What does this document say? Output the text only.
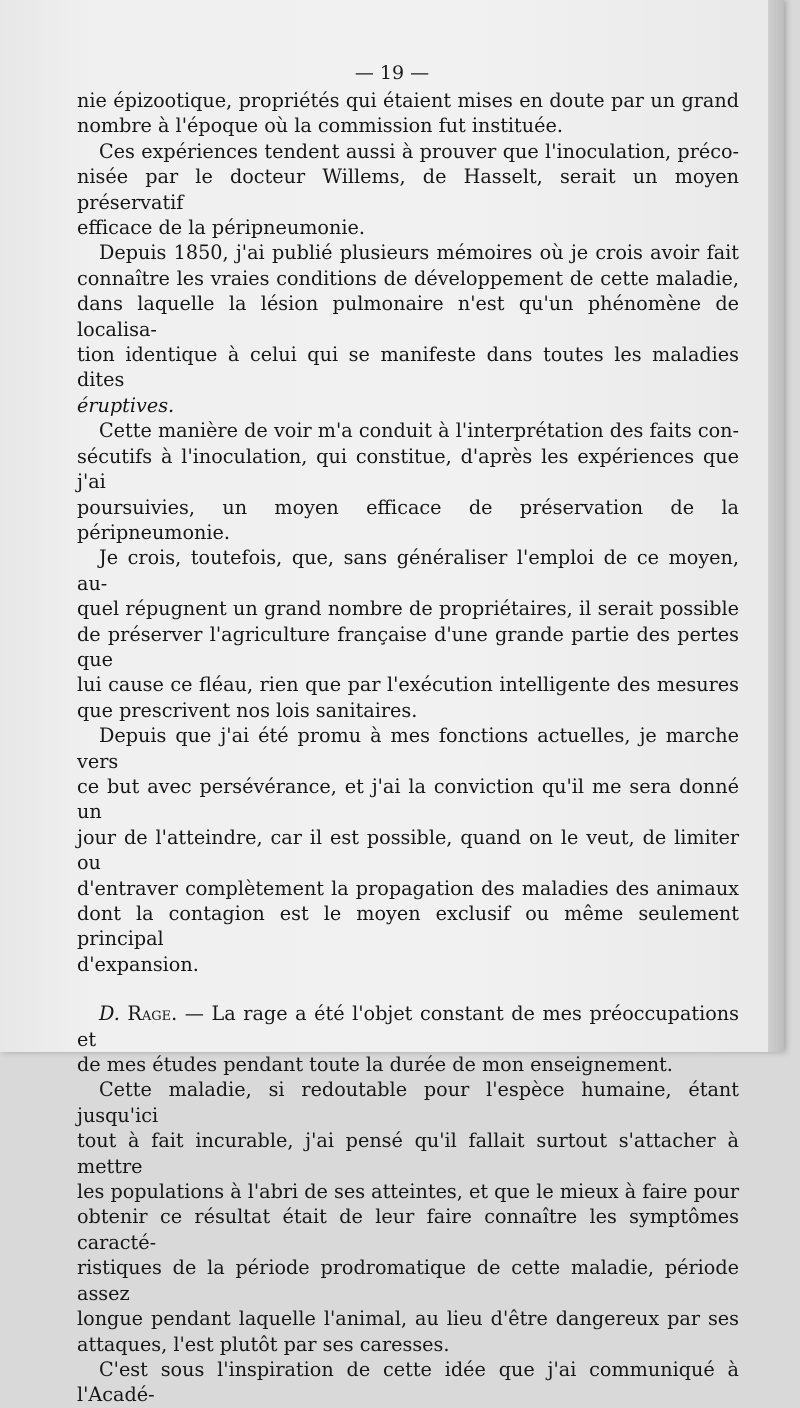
— 19 —

nie épizootique, propriétés qui étaient mises en doute par un grand

nombre à l'époque où la commission fut instituée.

Ces expériences tendent aussi à prouver que l'inoculation, préco-

nisée par le docteur Willems, de Hasselt, serait un moyen préservatif

efficace de la péripneumonie.

Depuis 1850, j'ai publié plusieurs mémoires où je crois avoir fait

connaître les vraies conditions de développement de cette maladie,

dans laquelle la lésion pulmonaire n'est qu'un phénomène de localisa-

tion identique à celui qui se manifeste dans toutes les maladies dites

éruptives.

Cette manière de voir m'a conduit à l'interprétation des faits con-

sécutifs à l'inoculation, qui constitue, d'après les expériences que j'ai

poursuivies, un moyen efficace de préservation de la péripneumonie.

Je crois, toutefois, que, sans généraliser l'emploi de ce moyen, au-

quel répugnent un grand nombre de propriétaires, il serait possible

de préserver l'agriculture française d'une grande partie des pertes que

lui cause ce fléau, rien que par l'exécution intelligente des mesures

que prescrivent nos lois sanitaires.

Depuis que j'ai été promu à mes fonctions actuelles, je marche vers

ce but avec persévérance, et j'ai la conviction qu'il me sera donné un

jour de l'atteindre, car il est possible, quand on le veut, de limiter ou

d'entraver complètement la propagation des maladies des animaux

dont la contagion est le moyen exclusif ou même seulement principal

d'expansion.

D. Rage. — La rage a été l'objet constant de mes préoccupations et

de mes études pendant toute la durée de mon enseignement.

Cette maladie, si redoutable pour l'espèce humaine, étant jusqu'ici

tout à fait incurable, j'ai pensé qu'il fallait surtout s'attacher à mettre

les populations à l'abri de ses atteintes, et que le mieux à faire pour

obtenir ce résultat était de leur faire connaître les symptômes caracté-

ristiques de la période prodromatique de cette maladie, période assez

longue pendant laquelle l'animal, au lieu d'être dangereux par ses

attaques, l'est plutôt par ses caresses.

C'est sous l'inspiration de cette idée que j'ai communiqué à l'Acadé-
